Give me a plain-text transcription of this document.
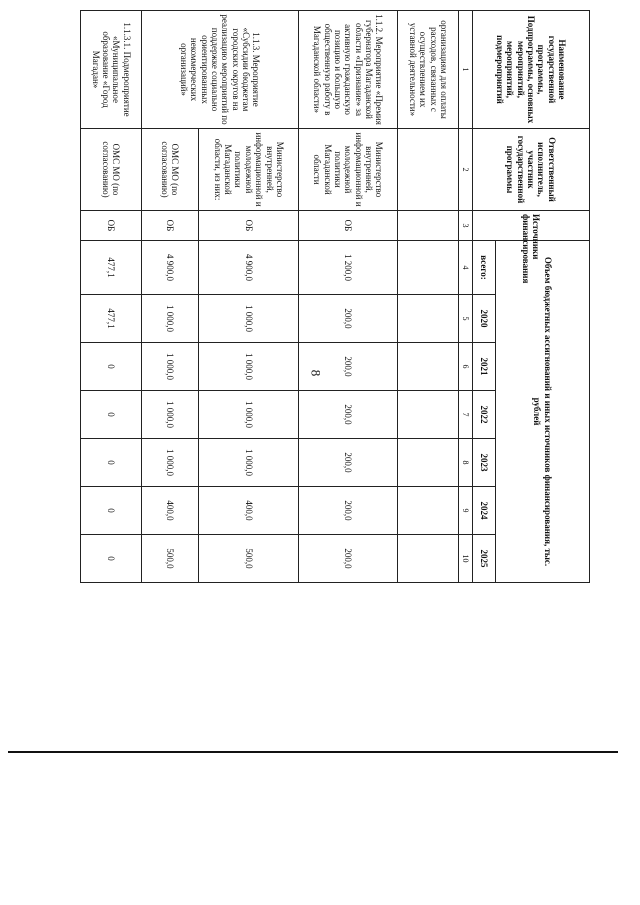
8
Наименование государственной программы, Подпрограммы, основных мероприятий, мероприятий, подмероприятий	Ответственный исполнитель, участник государственной программы	Источники финансирования	Объем бюджетных ассигнований и иных источников финансирования, тыс. рублей						
			всего:	2020	2021	2022	2023	2024	2025
1	2	3	4	5	6	7	8	9	10
организациям для оплаты расходов, связанных с осуществлением их уставной деятельности»									
1.1.2. Мероприятие «Премия губернатора Магаданской области «Признание» за активную гражданскую позицию и большую общественную работу в Магаданской области»	Министерство внутренней, информационной и молодежной политики Магаданской области	ОБ	1 200,0	200,0	200,0	200,0	200,0	200,0	200,0
1.1.3. Мероприятие «Субсидии бюджетам городских округов на реализацию мероприятий по поддержке социально ориентированных некоммерческих организаций»	Министерство внутренней, информационной и молодежной политики Магаданской области, из них:	ОБ	4 900,0	1 000,0	1 000,0	1 000,0	1 000,0	400,0	500,0
	ОМС МО (по согласованию)	ОБ	4 900,0	1 000,0	1 000,0	1 000,0	1 000,0	400,0	500,0
1.1.3.1. Подмероприятие «Муниципальное образование «Город Магадан»	ОМС МО (по согласованию)	ОБ	477,1	477,1	0	0	0	0	0
